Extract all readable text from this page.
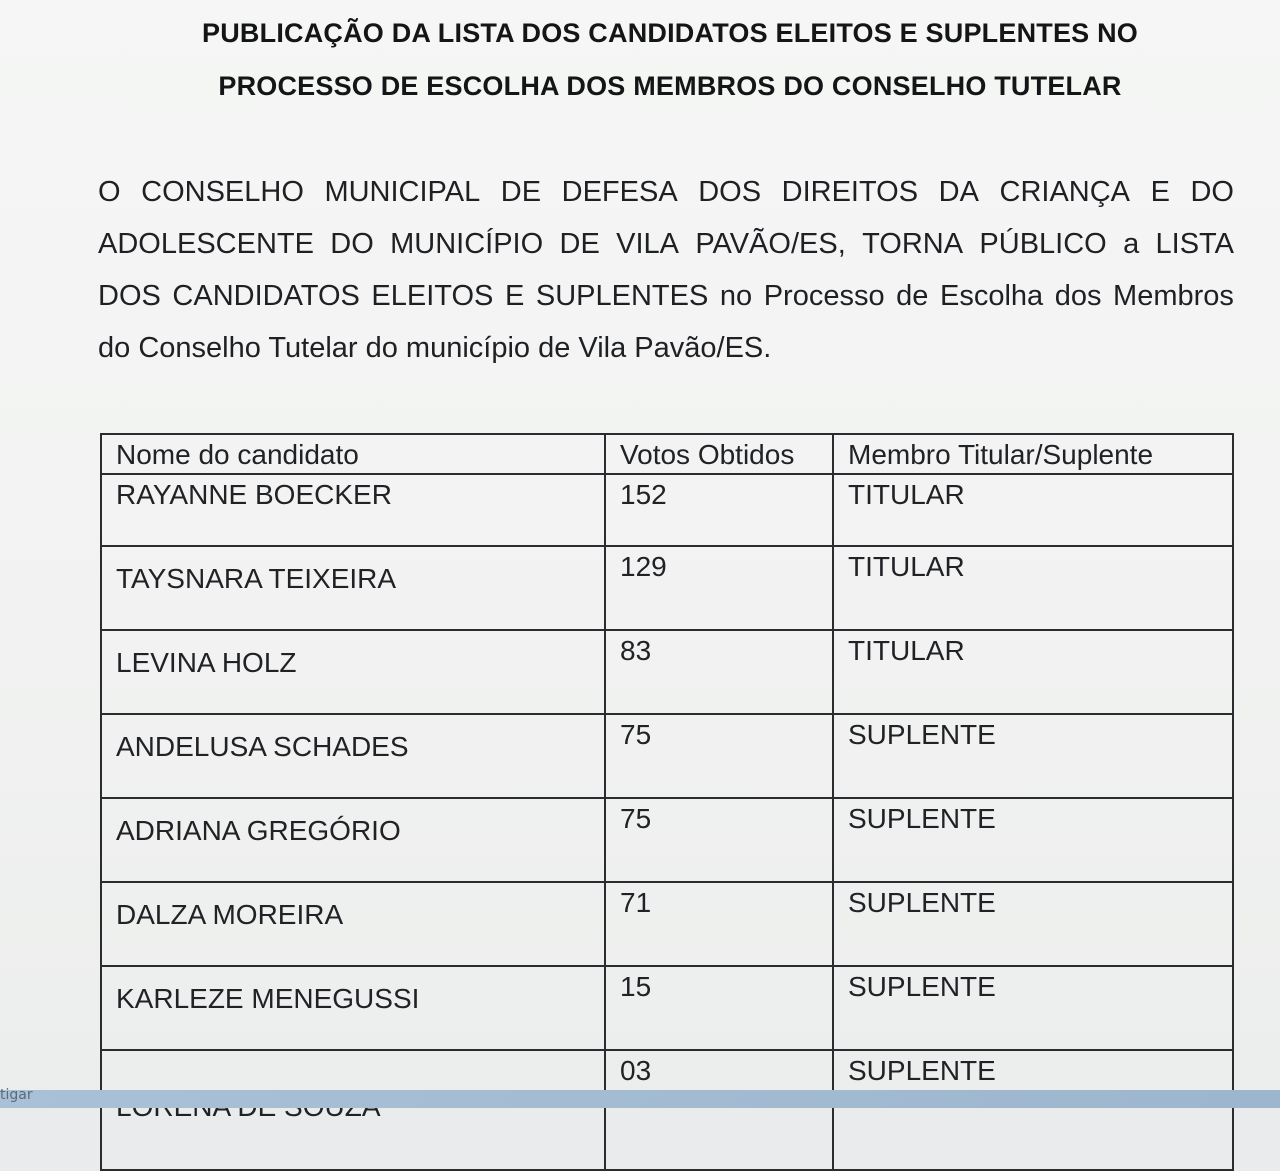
PUBLICAÇÃO DA LISTA DOS CANDIDATOS ELEITOS E SUPLENTES NO
PROCESSO DE ESCOLHA DOS MEMBROS DO CONSELHO TUTELAR
O CONSELHO MUNICIPAL DE DEFESA DOS DIREITOS DA CRIANÇA E DO
ADOLESCENTE DO MUNICÍPIO DE VILA PAVÃO/ES, TORNA PÚBLICO a LISTA
DOS CANDIDATOS ELEITOS E SUPLENTES no Processo de Escolha dos Membros
do Conselho Tutelar do município de Vila Pavão/ES.
Nome do candidato	Votos Obtidos	Membro Titular/Suplente
RAYANNE BOECKER	152	TITULAR
TAYSNARA TEIXEIRA	129	TITULAR
LEVINA HOLZ	83	TITULAR
ANDELUSA SCHADES	75	SUPLENTE
ADRIANA GREGÓRIO	75	SUPLENTE
DALZA MOREIRA	71	SUPLENTE
KARLEZE MENEGUSSI	15	SUPLENTE
	03	SUPLENTE
tigar
